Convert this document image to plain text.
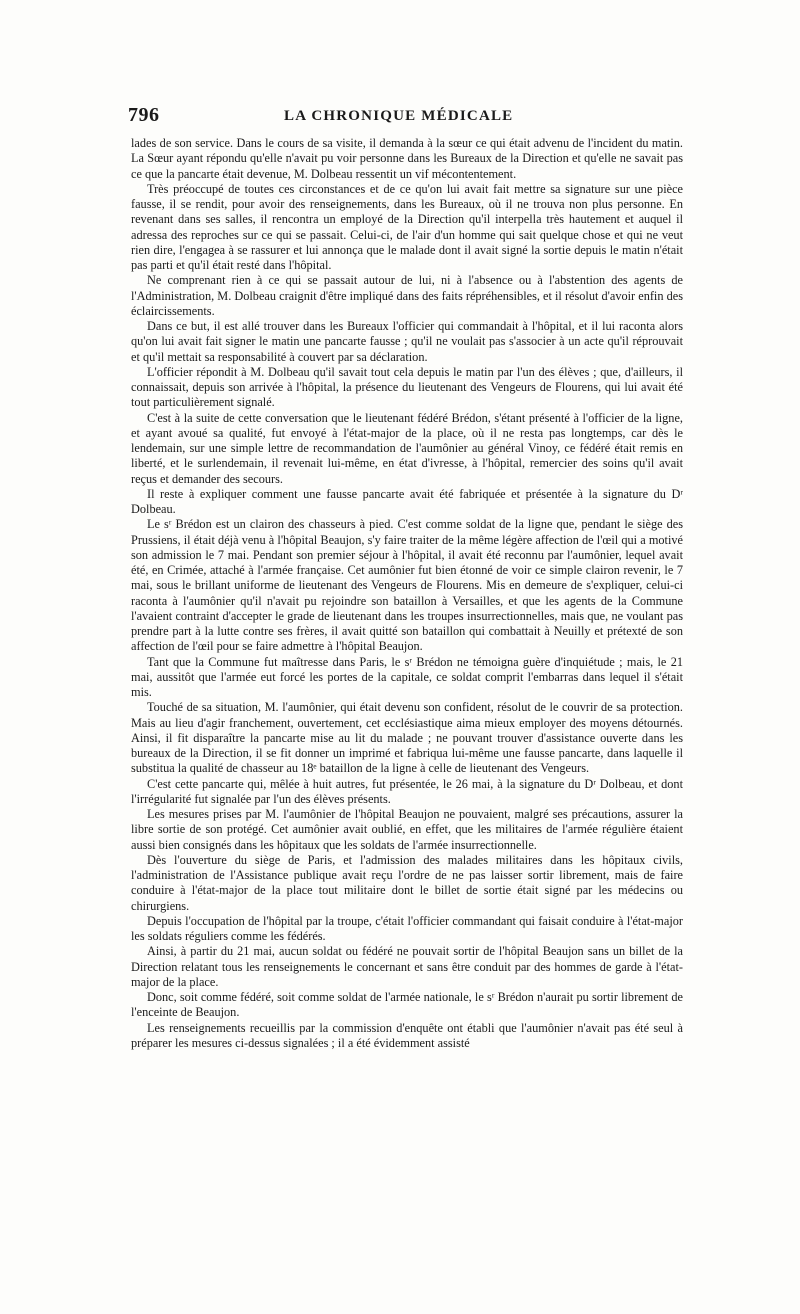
796	LA CHRONIQUE MÉDICALE

lades de son service. Dans le cours de sa visite, il demanda à la sœur ce qui était advenu de l'incident du matin. La Sœur ayant répondu qu'elle n'avait pu voir personne dans les Bureaux de la Direction et qu'elle ne savait pas ce que la pancarte était devenue, M. Dolbeau ressentit un vif mécontentement.

Très préoccupé de toutes ces circonstances et de ce qu'on lui avait fait mettre sa signature sur une pièce fausse, il se rendit, pour avoir des renseignements, dans les Bureaux, où il ne trouva non plus personne. En revenant dans ses salles, il rencontra un employé de la Direction qu'il interpella très hautement et auquel il adressa des reproches sur ce qui se passait. Celui-ci, de l'air d'un homme qui sait quelque chose et qui ne veut rien dire, l'engagea à se rassurer et lui annonça que le malade dont il avait signé la sortie depuis le matin n'était pas parti et qu'il était resté dans l'hôpital.

Ne comprenant rien à ce qui se passait autour de lui, ni à l'absence ou à l'abstention des agents de l'Administration, M. Dolbeau craignit d'être impliqué dans des faits répréhensibles, et il résolut d'avoir enfin des éclaircissements.

Dans ce but, il est allé trouver dans les Bureaux l'officier qui commandait à l'hôpital, et il lui raconta alors qu'on lui avait fait signer le matin une pancarte fausse ; qu'il ne voulait pas s'associer à un acte qu'il réprouvait et qu'il mettait sa responsabilité à couvert par sa déclaration.

L'officier répondit à M. Dolbeau qu'il savait tout cela depuis le matin par l'un des élèves ; que, d'ailleurs, il connaissait, depuis son arrivée à l'hôpital, la présence du lieutenant des Vengeurs de Flourens, qui lui avait été tout particulièrement signalé.

C'est à la suite de cette conversation que le lieutenant fédéré Brédon, s'étant présenté à l'officier de la ligne, et ayant avoué sa qualité, fut envoyé à l'état-major de la place, où il ne resta pas longtemps, car dès le lendemain, sur une simple lettre de recommandation de l'aumônier au général Vinoy, ce fédéré était remis en liberté, et le surlendemain, il revenait lui-même, en état d'ivresse, à l'hôpital, remercier des soins qu'il avait reçus et demander des secours.

Il reste à expliquer comment une fausse pancarte avait été fabriquée et présentée à la signature du Dʳ Dolbeau.

Le sʳ Brédon est un clairon des chasseurs à pied. C'est comme soldat de la ligne que, pendant le siège des Prussiens, il était déjà venu à l'hôpital Beaujon, s'y faire traiter de la même légère affection de l'œil qui a motivé son admission le 7 mai. Pendant son premier séjour à l'hôpital, il avait été reconnu par l'aumônier, lequel avait été, en Crimée, attaché à l'armée française. Cet aumônier fut bien étonné de voir ce simple clairon revenir, le 7 mai, sous le brillant uniforme de lieutenant des Vengeurs de Flourens. Mis en demeure de s'expliquer, celui-ci raconta à l'aumônier qu'il n'avait pu rejoindre son bataillon à Versailles, et que les agents de la Commune l'avaient contraint d'accepter le grade de lieutenant dans les troupes insurrectionnelles, mais que, ne voulant pas prendre part à la lutte contre ses frères, il avait quitté son bataillon qui combattait à Neuilly et prétexté de son affection de l'œil pour se faire admettre à l'hôpital Beaujon.

Tant que la Commune fut maîtresse dans Paris, le sʳ Brédon ne témoigna guère d'inquiétude ; mais, le 21 mai, aussitôt que l'armée eut forcé les portes de la capitale, ce soldat comprit l'embarras dans lequel il s'était mis.

Touché de sa situation, M. l'aumônier, qui était devenu son confident, résolut de le couvrir de sa protection. Mais au lieu d'agir franchement, ouvertement, cet ecclésiastique aima mieux employer des moyens détournés. Ainsi, il fit disparaître la pancarte mise au lit du malade ; ne pouvant trouver d'assistance ouverte dans les bureaux de la Direction, il se fit donner un imprimé et fabriqua lui-même une fausse pancarte, dans laquelle il substitua la qualité de chasseur au 18ᵉ bataillon de la ligne à celle de lieutenant des Vengeurs.

C'est cette pancarte qui, mêlée à huit autres, fut présentée, le 26 mai, à la signature du Dʳ Dolbeau, et dont l'irrégularité fut signalée par l'un des élèves présents.

Les mesures prises par M. l'aumônier de l'hôpital Beaujon ne pouvaient, malgré ses précautions, assurer la libre sortie de son protégé. Cet aumônier avait oublié, en effet, que les militaires de l'armée régulière étaient aussi bien consignés dans les hôpitaux que les soldats de l'armée insurrectionnelle.

Dès l'ouverture du siège de Paris, et l'admission des malades militaires dans les hôpitaux civils, l'administration de l'Assistance publique avait reçu l'ordre de ne pas laisser sortir librement, mais de faire conduire à l'état-major de la place tout militaire dont le billet de sortie était signé par les médecins ou chirurgiens.

Depuis l'occupation de l'hôpital par la troupe, c'était l'officier commandant qui faisait conduire à l'état-major les soldats réguliers comme les fédérés.

Ainsi, à partir du 21 mai, aucun soldat ou fédéré ne pouvait sortir de l'hôpital Beaujon sans un billet de la Direction relatant tous les renseignements le concernant et sans être conduit par des hommes de garde à l'état-major de la place.

Donc, soit comme fédéré, soit comme soldat de l'armée nationale, le sʳ Brédon n'aurait pu sortir librement de l'enceinte de Beaujon.

Les renseignements recueillis par la commission d'enquête ont établi que l'aumônier n'avait pas été seul à préparer les mesures ci-dessus signalées ; il a été évidemment assisté
